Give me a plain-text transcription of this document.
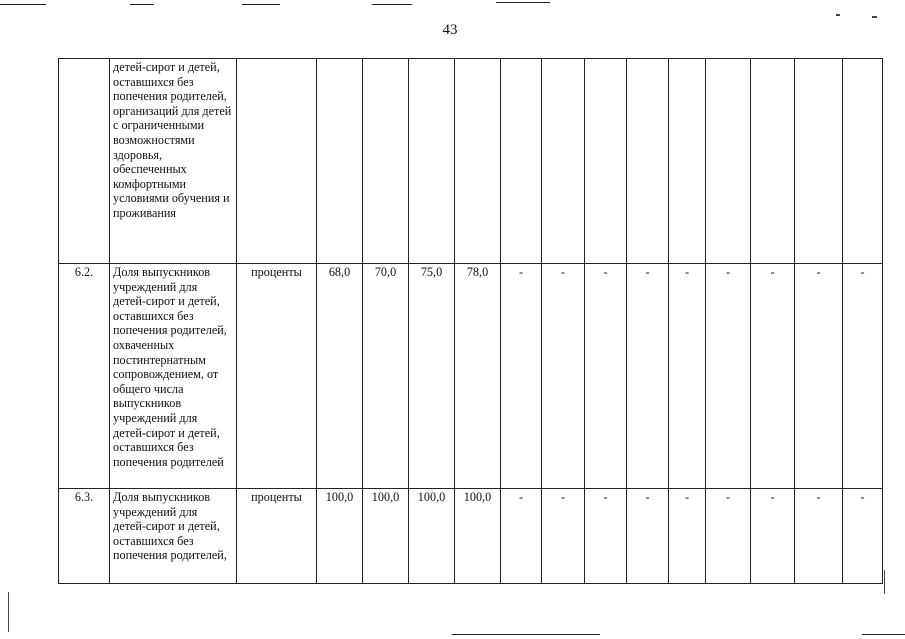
43
	детей-сирот и детей, оставшихся без попечения родителей, организаций для детей с ограниченными возможностями здоровья, обеспеченных комфортными условиями обучения и проживания														
6.2.	Доля выпускников учреждений для детей-сирот и детей, оставшихся без попечения родителей, охваченных постинтернатным сопровождением, от общего числа выпускников учреждений для детей-сирот и детей, оставшихся без попечения родителей	проценты	68,0	70,0	75,0	78,0	-	-	-	-	-	-	-	-	-
6.3.	Доля выпускников учреждений для детей-сирот и детей, оставшихся без попечения родителей,	проценты	100,0	100,0	100,0	100,0	-	-	-	-	-	-	-	-	-
